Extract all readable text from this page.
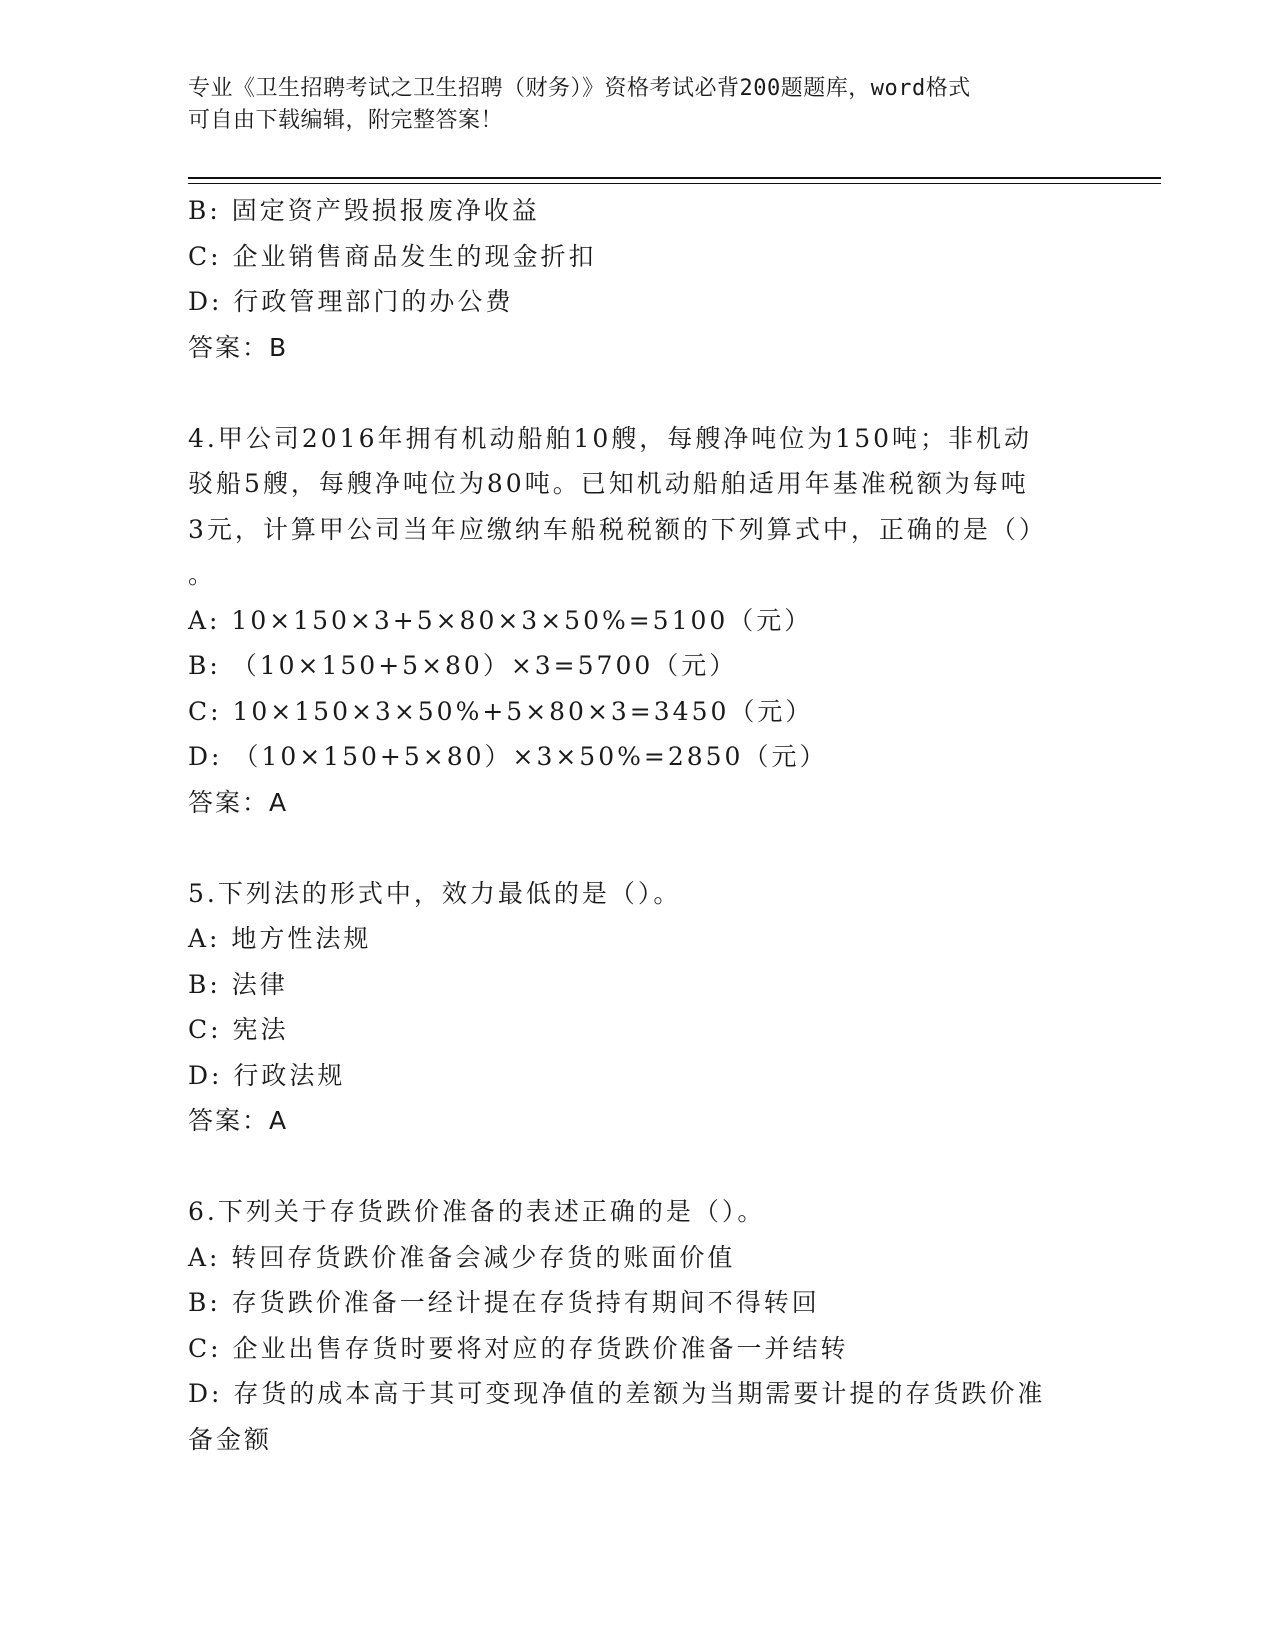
专业《卫生招聘考试之卫生招聘（财务）》资格考试必背200题题库，word格式
可自由下载编辑，附完整答案！
B: 固定资产毁损报废净收益
C: 企业销售商品发生的现金折扣
D: 行政管理部门的办公费
答案：B
4.甲公司2016年拥有机动船舶10艘，每艘净吨位为150吨；非机动
驳船5艘，每艘净吨位为80吨。已知机动船舶适用年基准税额为每吨
3元，计算甲公司当年应缴纳车船税税额的下列算式中，正确的是（）
。
A: 10×150×3+5×80×3×50%=5100（元）
B: （10×150+5×80）×3=5700（元）
C: 10×150×3×50%+5×80×3=3450（元）
D: （10×150+5×80）×3×50%=2850（元）
答案：A
5.下列法的形式中，效力最低的是（）。
A: 地方性法规
B: 法律
C: 宪法
D: 行政法规
答案：A
6.下列关于存货跌价准备的表述正确的是（）。
A: 转回存货跌价准备会减少存货的账面价值
B: 存货跌价准备一经计提在存货持有期间不得转回
C: 企业出售存货时要将对应的存货跌价准备一并结转
D: 存货的成本高于其可变现净值的差额为当期需要计提的存货跌价准
备金额
